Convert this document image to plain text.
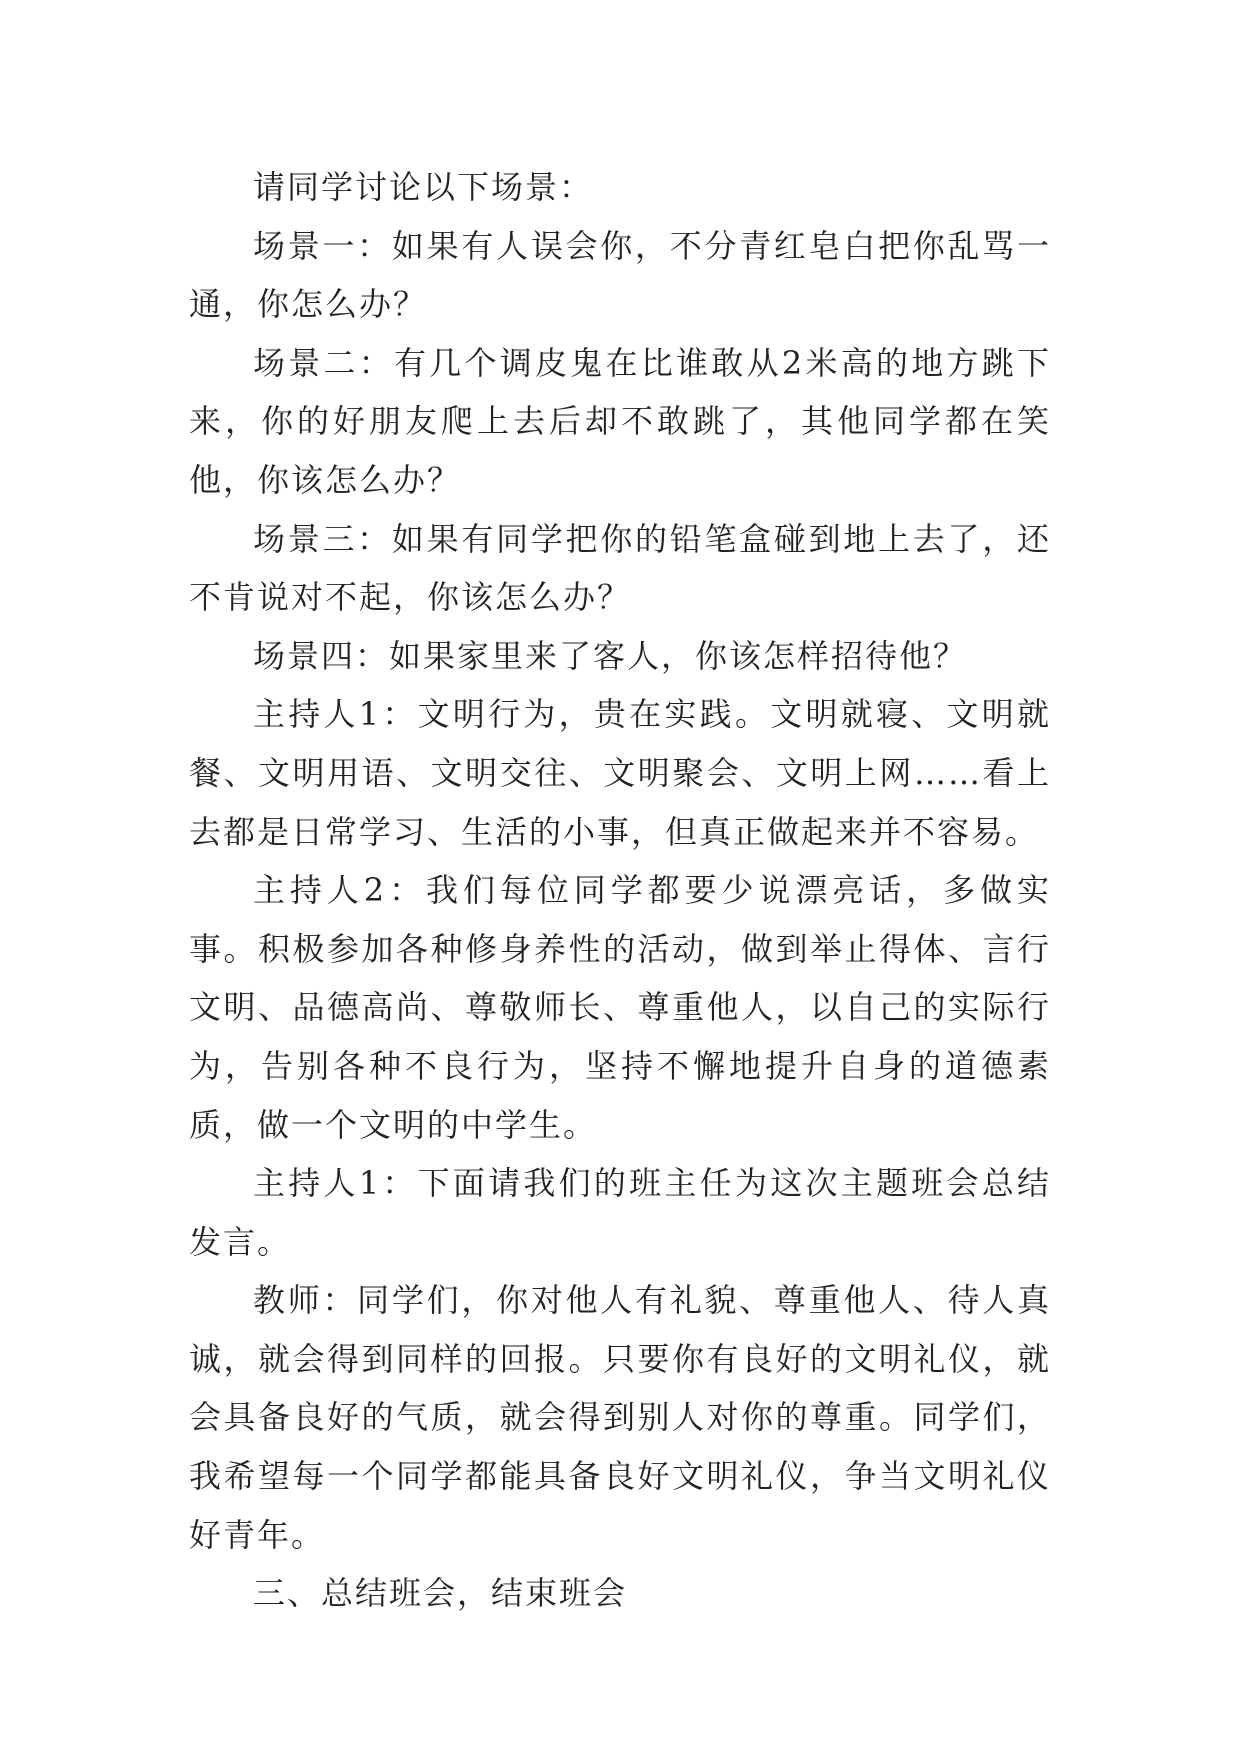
请同学讨论以下场景：

场景一：如果有人误会你，不分青红皂白把你乱骂一通，你怎么办？

场景二：有几个调皮鬼在比谁敢从2米高的地方跳下来，你的好朋友爬上去后却不敢跳了，其他同学都在笑他，你该怎么办？

场景三：如果有同学把你的铅笔盒碰到地上去了，还不肯说对不起，你该怎么办？

场景四：如果家里来了客人，你该怎样招待他？

主持人1：文明行为，贵在实践。文明就寝、文明就餐、文明用语、文明交往、文明聚会、文明上网……看上去都是日常学习、生活的小事，但真正做起来并不容易。

主持人2：我们每位同学都要少说漂亮话，多做实事。积极参加各种修身养性的活动，做到举止得体、言行文明、品德高尚、尊敬师长、尊重他人，以自己的实际行为，告别各种不良行为，坚持不懈地提升自身的道德素质，做一个文明的中学生。

主持人1：下面请我们的班主任为这次主题班会总结发言。

教师：同学们，你对他人有礼貌、尊重他人、待人真诚，就会得到同样的回报。只要你有良好的文明礼仪，就会具备良好的气质，就会得到别人对你的尊重。同学们，我希望每一个同学都能具备良好文明礼仪，争当文明礼仪好青年。

三、总结班会，结束班会
